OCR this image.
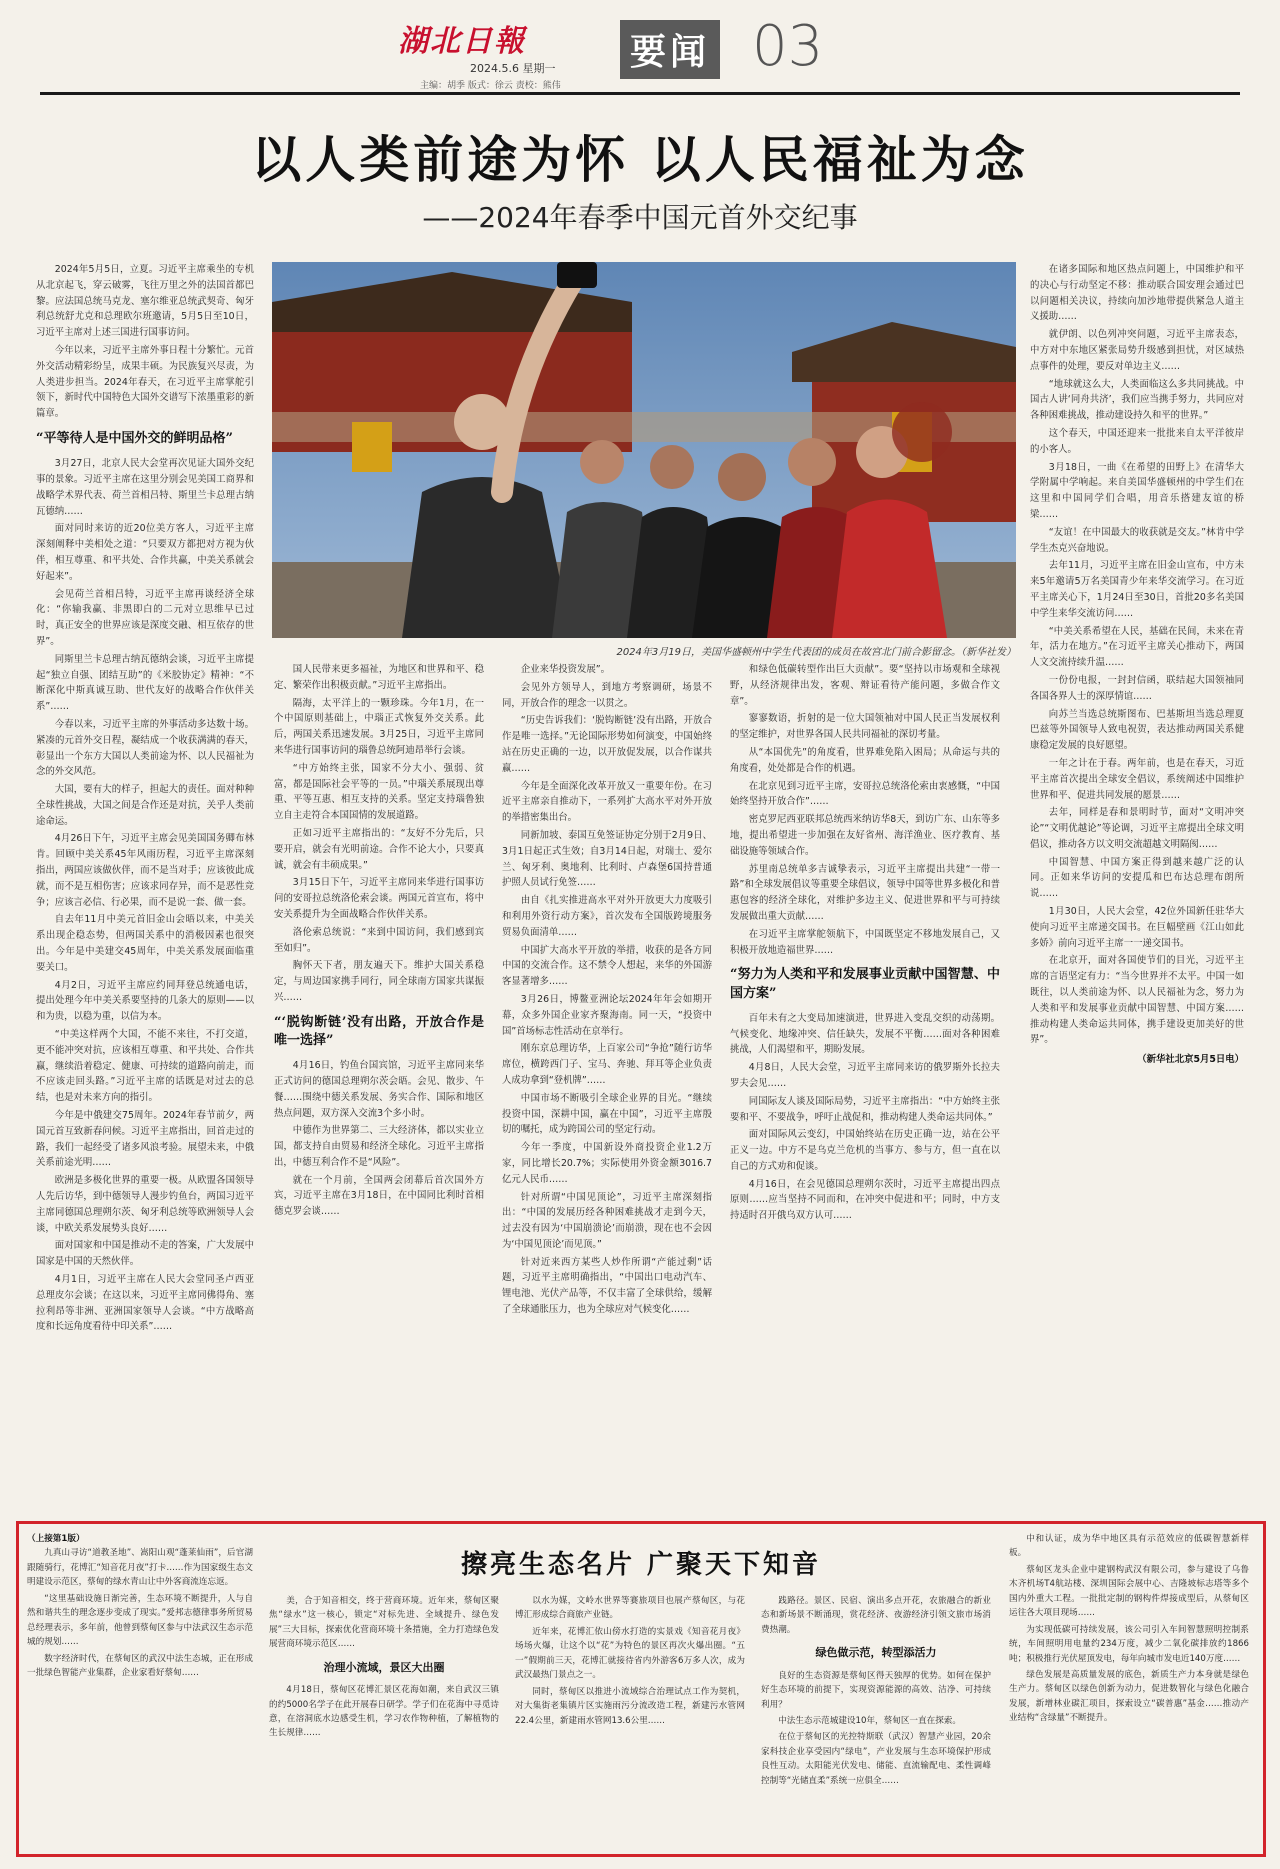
湖北日報
2024.5.6 星期一
主编：胡季 版式：徐云 责校：熊伟
要闻 03
以人类前途为怀 以人民福祉为念
——2024年春季中国元首外交纪事
2024年3月19日，美国华盛顿州中学生代表团的成员在故宫北门前合影留念。（新华社发）

2024年5月5日，立夏。习近平主席乘坐的专机从北京起飞，穿云破雾，飞往万里之外的法国首都巴黎。应法国总统马克龙、塞尔维亚总统武契奇、匈牙利总统舒尤克和总理欧尔班邀请，5月5日至10日，习近平主席对上述三国进行国事访问。

今年以来，习近平主席外事日程十分繁忙。元首外交活动精彩纷呈，成果丰硕。为民族复兴尽责，为人类进步担当。2024年春天，在习近平主席掌舵引领下，新时代中国特色大国外交谱写下浓墨重彩的新篇章。

“平等待人是中国外交的鲜明品格”

3月27日，北京人民大会堂再次见证大国外交纪事的景象。习近平主席在这里分别会见美国工商界和战略学术界代表、荷兰首相吕特、斯里兰卡总理古纳瓦德纳……

面对同时来访的近20位美方客人，习近平主席深刻阐释中美相处之道：“只要双方都把对方视为伙伴，相互尊重、和平共处、合作共赢，中美关系就会好起来”。

会见荷兰首相吕特，习近平主席再谈经济全球化：“你输我赢、非黑即白的二元对立思维早已过时，真正安全的世界应该是深度交融、相互依存的世界”。

同斯里兰卡总理古纳瓦德纳会谈，习近平主席提起“独立自强、团结互助”的《米胶协定》精神：“不断深化中斯真诚互助、世代友好的战略合作伙伴关系”……

今春以来，习近平主席的外事活动多达数十场。紧凑的元首外交日程，凝结成一个收获满满的春天，彰显出一个东方大国以人类前途为怀、以人民福祉为念的外交风范。

大国，要有大的样子，担起大的责任。面对种种全球性挑战，大国之间是合作还是对抗，关乎人类前途命运。

4月26日下午，习近平主席会见美国国务卿布林肯。回顾中美关系45年风雨历程，习近平主席深刻指出，两国应该做伙伴，而不是当对手；应该彼此成就，而不是互相伤害；应该求同存异，而不是恶性竞争；应该言必信、行必果，而不是说一套、做一套。

自去年11月中美元首旧金山会晤以来，中美关系出现企稳态势，但两国关系中的消极因素也很突出。今年是中美建交45周年，中美关系发展面临重要关口。

4月2日，习近平主席应约同拜登总统通电话，提出处理今年中美关系要坚持的几条大的原则——以和为贵，以稳为重，以信为本。

“中美这样两个大国，不能不来往，不打交道，更不能冲突对抗，应该相互尊重、和平共处、合作共赢，继续沿着稳定、健康、可持续的道路向前走，而不应该走回头路。”习近平主席的话既是对过去的总结，也是对未来方向的指引。

今年是中俄建交75周年。2024年春节前夕，两国元首互致新春问候。习近平主席指出，回首走过的路，我们一起经受了诸多风浪考验。展望未来，中俄关系前途光明……

欧洲是多极化世界的重要一极。从欧盟各国领导人先后访华，到中德领导人漫步钓鱼台，两国习近平主席同德国总理朔尔茨、匈牙利总统等欧洲领导人会谈，中欧关系发展势头良好……

面对国家和中国是推动不走的答案，广大发展中国家是中国的天然伙伴。

4月1日，习近平主席在人民大会堂同圣卢西亚总理皮尔会谈；在这以来，习近平主席同佛得角、塞拉利昂等非洲、亚洲国家领导人会谈。“中方战略高度和长远角度看待中印关系”……

国人民带来更多福祉，为地区和世界和平、稳定、繁荣作出积极贡献。”习近平主席指出。

隔海，太平洋上的一颗珍珠。今年1月，在一个中国原则基础上，中瑙正式恢复外交关系。此后，两国关系迅速发展。3月25日，习近平主席同来华进行国事访问的瑙鲁总统阿迪昂举行会谈。

“中方始终主张，国家不分大小、强弱、贫富，都是国际社会平等的一员。”中瑙关系展现出尊重、平等互惠、相互支持的关系。坚定支持瑙鲁独立自主走符合本国国情的发展道路。

正如习近平主席指出的：“友好不分先后，只要开启，就会有光明前途。合作不论大小，只要真诚，就会有丰硕成果。”

3月15日下午，习近平主席同来华进行国事访问的安哥拉总统洛伦索会谈。两国元首宣布，将中安关系提升为全面战略合作伙伴关系。

洛伦索总统说：“来到中国访问，我们感到宾至如归”。

胸怀天下者，朋友遍天下。维护大国关系稳定，与周边国家携手同行，同全球南方国家共谋振兴……

“‘脱钩断链’没有出路，开放合作是唯一选择”

4月16日，钓鱼台国宾馆，习近平主席同来华正式访问的德国总理朔尔茨会晤。会见、散步、午餐……围绕中德关系发展、务实合作、国际和地区热点问题，双方深入交流3个多小时。

中德作为世界第二、三大经济体，都以实业立国，都支持自由贸易和经济全球化。习近平主席指出，中德互利合作不是“风险”。

就在一个月前，全国两会闭幕后首次国外方宾，习近平主席在3月18日，在中国同比利时首相德克罗会谈……

企业来华投资发展”。

会见外方领导人，到地方考察调研，场景不同，开放合作的理念一以贯之。

“历史告诉我们：‘脱钩断链’没有出路，开放合作是唯一选择。”无论国际形势如何演变，中国始终站在历史正确的一边，以开放促发展，以合作谋共赢……

今年是全面深化改革开放又一重要年份。在习近平主席亲自推动下，一系列扩大高水平对外开放的举措密集出台。

同新加坡、泰国互免签证协定分别于2月9日、3月1日起正式生效；自3月14日起，对瑞士、爱尔兰、匈牙利、奥地利、比利时、卢森堡6国持普通护照人员试行免签……

由自《扎实推进高水平对外开放更大力度吸引和利用外资行动方案》，首次发布全国版跨境服务贸易负面清单……

中国扩大高水平开放的举措，收获的是各方同中国的交流合作。这不禁令人想起，来华的外国游客显著增多……

3月26日，博鳌亚洲论坛2024年年会如期开幕，众多外国企业家齐聚海南。同一天，“投资中国”首场标志性活动在京举行。

刚东京总理访华，上百家公司“争抢”随行访华席位，横跨西门子、宝马、奔驰、拜耳等企业负责人成功拿到“登机牌”……

中国市场不断吸引全球企业界的目光。“继续投资中国，深耕中国，赢在中国”，习近平主席殷切的嘱托，成为跨国公司的坚定行动。

今年一季度，中国新设外商投资企业1.2万家，同比增长20.7%；实际使用外资金额3016.7亿元人民币……

针对所谓“中国见顶论”，习近平主席深刻指出：“中国的发展历经各种困难挑战才走到今天，过去没有因为‘中国崩溃论’而崩溃，现在也不会因为‘中国见顶论’而见顶。”

针对近来西方某些人炒作所谓“产能过剩”话题，习近平主席明确指出，“中国出口电动汽车、锂电池、光伏产品等，不仅丰富了全球供给，缓解了全球通胀压力，也为全球应对气候变化……

和绿色低碳转型作出巨大贡献”。要“坚持以市场观和全球视野，从经济规律出发，客观、辩证看待产能问题，多做合作文章”。

寥寥数语，折射的是一位大国领袖对中国人民正当发展权利的坚定维护，对世界各国人民共同福祉的深切考量。

从“本国优先”的角度看，世界难免陷入困局；从命运与共的角度看，处处都是合作的机遇。

在北京见到习近平主席，安哥拉总统洛伦索由衷感慨，“中国始终坚持开放合作”……

密克罗尼西亚联邦总统西米纳访华8天，到访广东、山东等多地，提出希望进一步加强在友好省州、海洋渔业、医疗教育、基础设施等领域合作。

苏里南总统单多吉诚挚表示，习近平主席提出共建“一带一路”和全球发展倡议等重要全球倡议，领导中国等世界多极化和普惠包容的经济全球化，对维护多边主义、促进世界和平与可持续发展做出重大贡献……

在习近平主席掌舵领航下，中国既坚定不移地发展自己，又积极开放地造福世界……

“努力为人类和平和发展事业贡献中国智慧、中国方案”

百年未有之大变局加速演进，世界进入变乱交织的动荡期。气候变化、地缘冲突、信任缺失，发展不平衡……面对各种困难挑战，人们渴望和平，期盼发展。

4月8日，人民大会堂，习近平主席同来访的俄罗斯外长拉夫罗夫会见……

同国际友人谈及国际局势，习近平主席指出：“中方始终主张要和平、不要战争，呼吁止战促和，推动构建人类命运共同体。”

面对国际风云变幻，中国始终站在历史正确一边，站在公平正义一边。中方不是乌克兰危机的当事方、参与方，但一直在以自己的方式劝和促谈。

4月16日，在会见德国总理朔尔茨时，习近平主席提出四点原则……应当坚持不同而和，在冲突中促进和平；同时，中方支持适时召开俄乌双方认可……

在诸多国际和地区热点问题上，中国维护和平的决心与行动坚定不移：推动联合国安理会通过巴以问题相关决议，持续向加沙地带提供紧急人道主义援助……

就伊朗、以色列冲突问题，习近平主席表态，中方对中东地区紧张局势升级感到担忧，对区域热点事件的处理，要反对单边主义……

“地球就这么大，人类面临这么多共同挑战。中国古人讲‘同舟共济’，我们应当携手努力，共同应对各种困难挑战，推动建设持久和平的世界。”

这个春天，中国还迎来一批批来自太平洋彼岸的小客人。

3月18日，一曲《在希望的田野上》在清华大学附属中学响起。来自美国华盛顿州的中学生们在这里和中国同学们合唱，用音乐搭建友谊的桥梁……

“友谊！在中国最大的收获就是交友。”林肯中学学生杰克兴奋地说。

去年11月，习近平主席在旧金山宣布，中方未来5年邀请5万名美国青少年来华交流学习。在习近平主席关心下，1月24日至30日，首批20多名美国中学生来华交流访问……

“中美关系希望在人民，基础在民间，未来在青年，活力在地方。”在习近平主席关心推动下，两国人文交流持续升温……

一份份电报，一封封信函，联结起大国领袖同各国各界人士的深厚情谊……

向苏兰当选总统斯图布、巴基斯坦当选总理夏巴兹等外国领导人致电祝贺，表达推动两国关系健康稳定发展的良好愿望。

一年之计在于春。两年前，也是在春天，习近平主席首次提出全球安全倡议，系统阐述中国维护世界和平、促进共同发展的愿景……

去年，同样是春和景明时节，面对“文明冲突论”“文明优越论”等论调，习近平主席提出全球文明倡议，推动各方以文明交流超越文明隔阂……

中国智慧、中国方案正得到越来越广泛的认同。正如来华访问的安提瓜和巴布达总理布朗所说……

1月30日，人民大会堂，42位外国新任驻华大使向习近平主席递交国书。在巨幅壁画《江山如此多娇》前向习近平主席一一递交国书。

在北京开，面对各国使节们的目光，习近平主席的言语坚定有力：“当今世界并不太平。中国一如既往，以人类前途为怀、以人民福祉为念，努力为人类和平和发展事业贡献中国智慧、中国方案……推动构建人类命运共同体，携手建设更加美好的世界”。

（新华社北京5月5日电）
擦亮生态名片 广聚天下知音
（上接第1版）

九真山寻访“道教圣地”、嵩阳山观“蓬莱仙雨”，后官湖跟随骑行，花博汇“知音花月夜”打卡……作为国家级生态文明建设示范区，蔡甸的绿水青山让中外客商流连忘返。

“这里基础设施日渐完善，生态环境不断提升，人与自然和谐共生的理念逐步变成了现实。”爱邦志德律事务所贸易总经理表示，多年前，他曾到蔡甸区参与中法武汉生态示范城的规划……

数字经济时代，在蔡甸区的武汉中法生态城，正在形成一批绿色智能产业集群，企业家看好蔡甸……

美，合于知音相交，终于营商环境。近年来，蔡甸区聚焦“绿水”这一核心，锁定“对标先进、全域提升、绿色发展”三大目标，探索优化营商环境十条措施，全力打造绿色发展营商环境示范区……

治理小流域，景区大出圈

4月18日，蔡甸区花博汇景区花海如潮，来自武汉三镇的约5000名学子在此开展春日研学。学子们在花海中寻觅诗意，在溶洞底水边感受生机，学习农作物种植，了解植物的生长规律……

以水为媒，文岭水世界等赛旅项目也展产蔡甸区，与花博汇形成综合商旅产业链。

近年来，花博汇依山傍水打造的实景戏《知音花月夜》场场火爆，让这个以“花”为特色的景区再次火爆出圈。“五一”假期前三天，花博汇就接待省内外游客6万多人次，成为武汉最热门景点之一。

同时，蔡甸区以推进小流域综合治理试点工作为契机，对大集街老集镇片区实施雨污分流改造工程，新建污水管网22.4公里，新建雨水管网13.6公里……

践路径。景区、民宿、演出多点开花，农旅融合的新业态和新场景不断涌现，赏花经济、夜游经济引领文旅市场消费热潮。

绿色做示范，转型添活力

良好的生态资源是蔡甸区得天独厚的优势。如何在保护好生态环境的前提下，实现资源能源的高效、洁净、可持续利用？

中法生态示范城建设10年，蔡甸区一直在探索。

在位于蔡甸区的光控特斯联（武汉）智慧产业园，20余家科技企业享受园内“绿电”，产业发展与生态环境保护形成良性互动。太阳能光伏发电、储能、直流输配电、柔性调峰控制等“光储直柔”系统一应俱全……

中和认证，成为华中地区具有示范效应的低碳智慧新样板。

蔡甸区龙头企业中建钢构武汉有限公司，参与建设了乌鲁木齐机场T4航站楼、深圳国际会展中心、吉隆坡标志塔等多个国内外重大工程。一批批定制的钢构件焊接成型后，从蔡甸区运往各大项目现场……

为实现低碳可持续发展，该公司引入车间智慧照明控制系统，车间照明用电量约234万度，减少二氧化碳排放约1866吨；积极推行光伏屋顶发电，每年向城市发电近140万度……

绿色发展是高质量发展的底色，新质生产力本身就是绿色生产力。蔡甸区以绿色创新为动力，促进数智化与绿色化融合发展，新增林业碳汇项目，探索设立“碳普惠”基金……推动产业结构“含绿量”不断提升。
